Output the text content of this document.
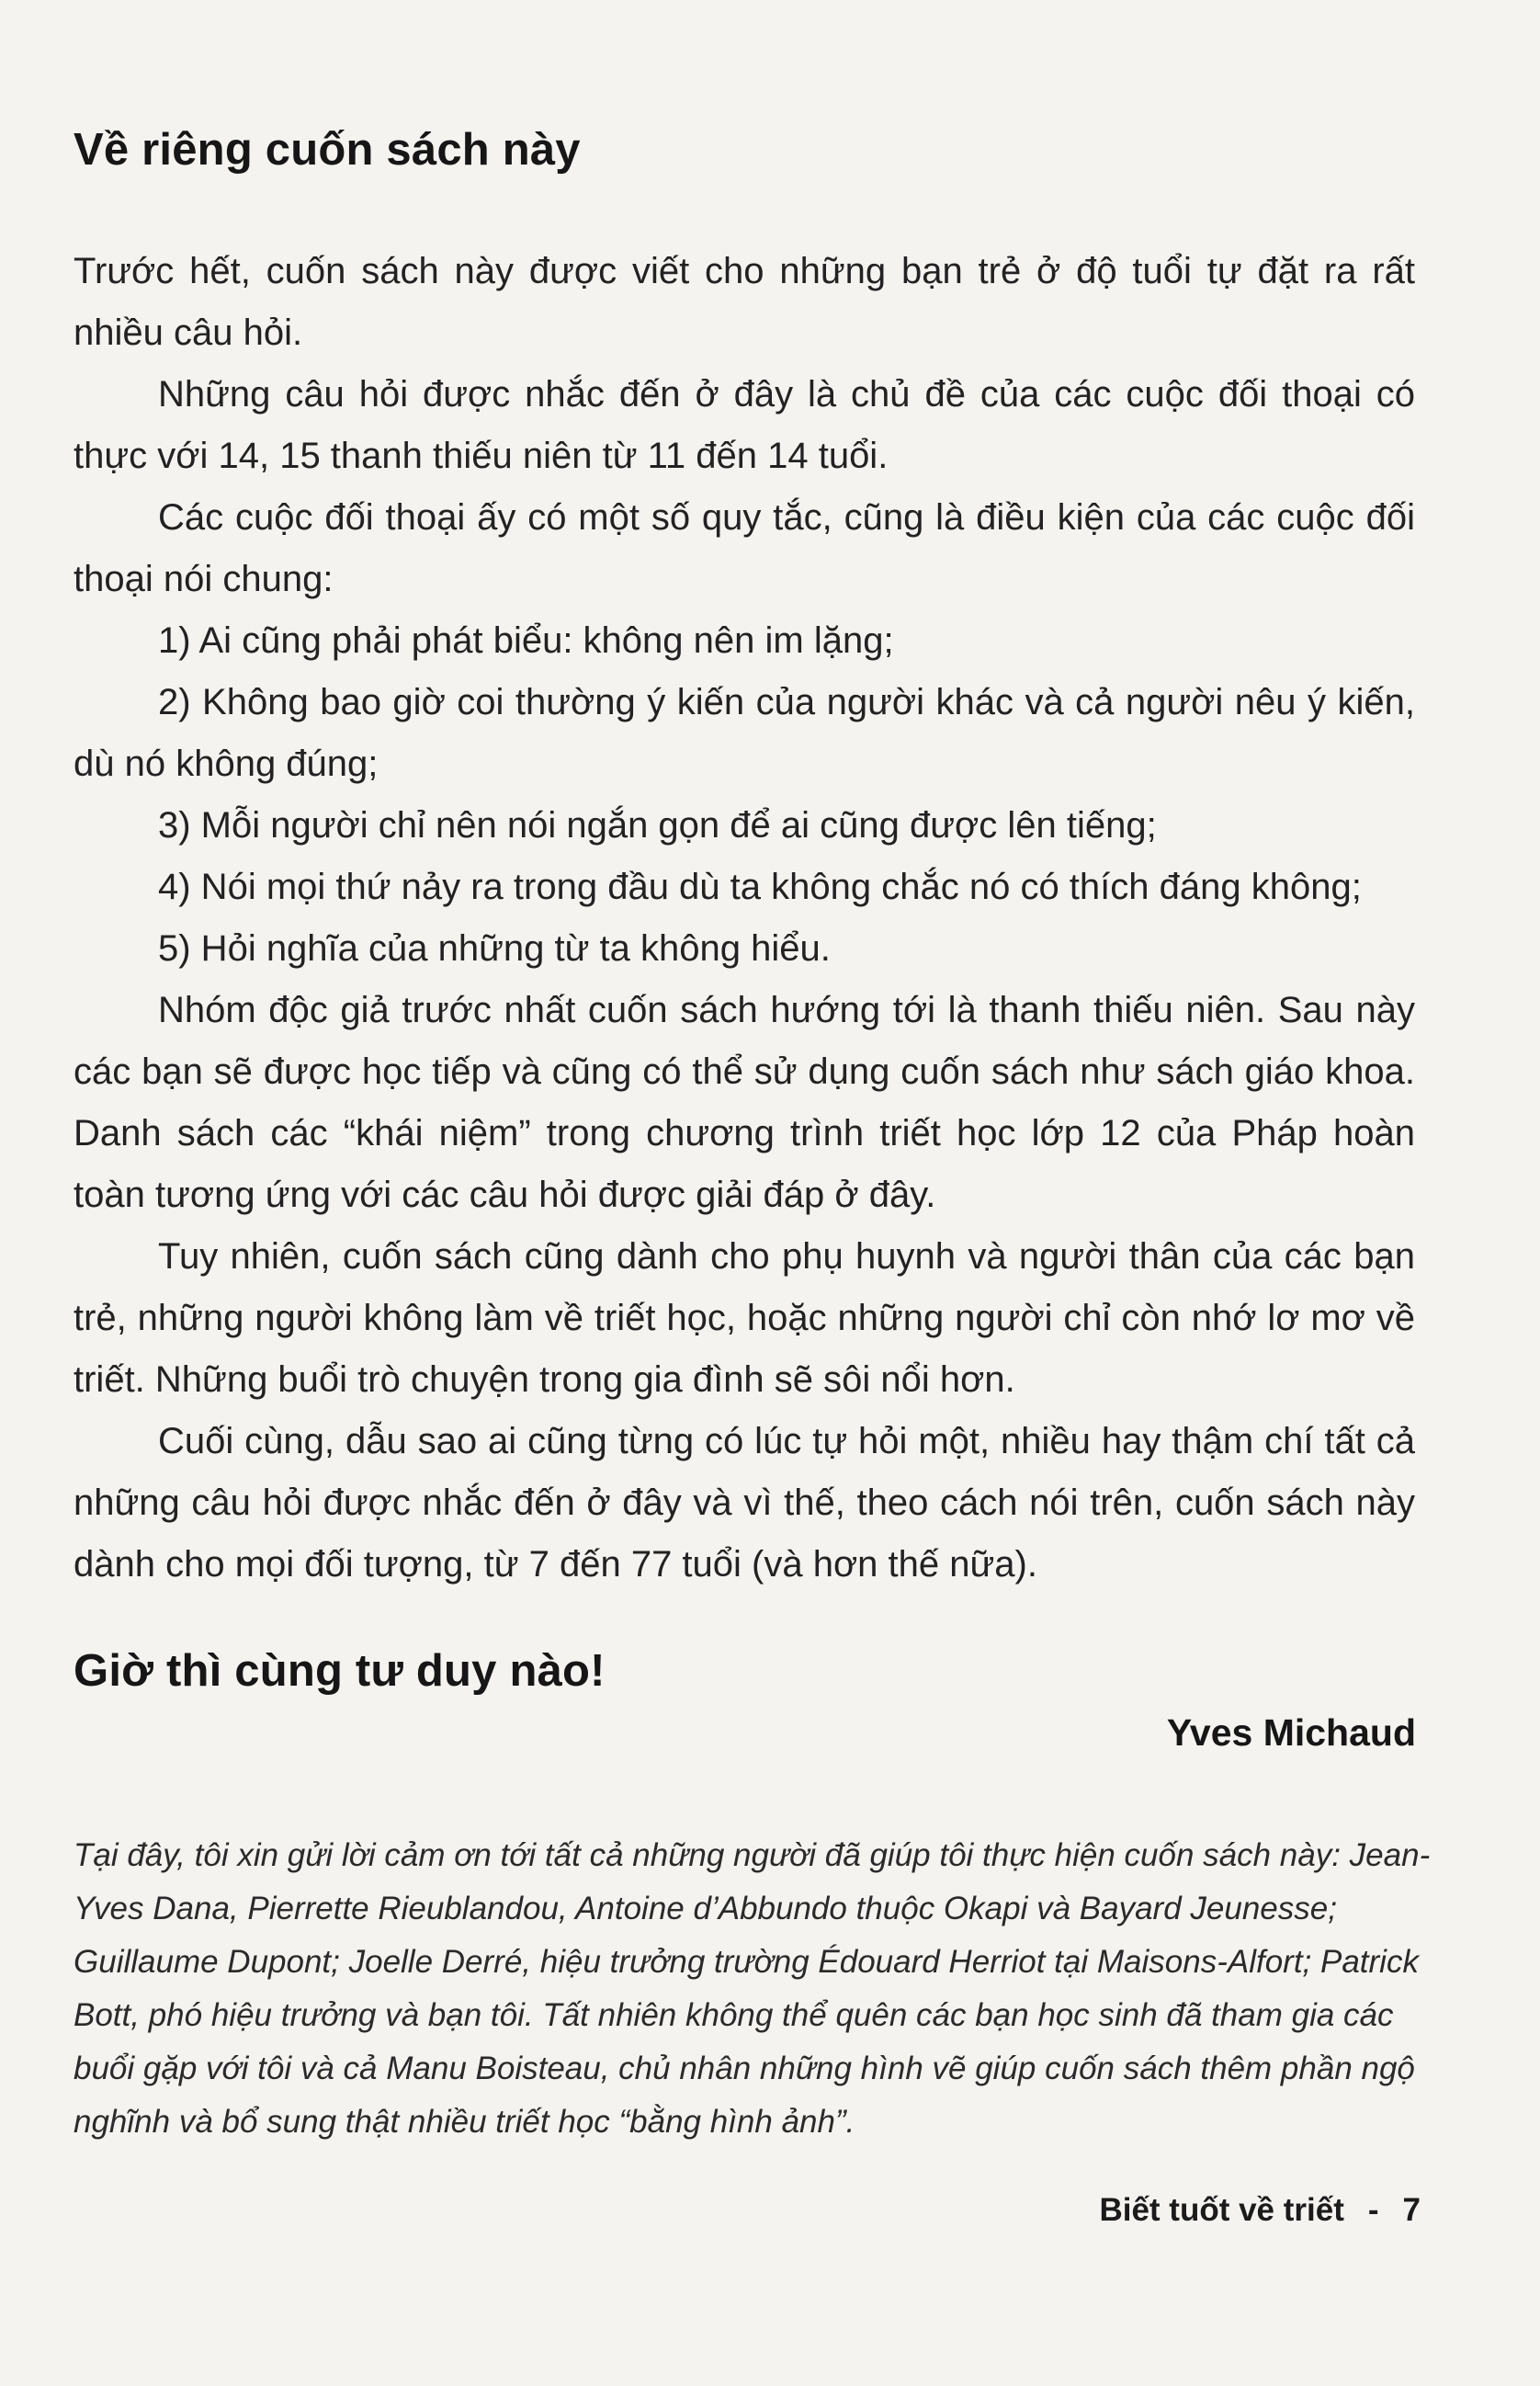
Về riêng cuốn sách này

Trước hết, cuốn sách này được viết cho những bạn trẻ ở độ tuổi tự đặt ra rất nhiều câu hỏi.

Những câu hỏi được nhắc đến ở đây là chủ đề của các cuộc đối thoại có thực với 14, 15 thanh thiếu niên từ 11 đến 14 tuổi.

Các cuộc đối thoại ấy có một số quy tắc, cũng là điều kiện của các cuộc đối thoại nói chung:

1) Ai cũng phải phát biểu: không nên im lặng;

2) Không bao giờ coi thường ý kiến của người khác và cả người nêu ý kiến, dù nó không đúng;

3) Mỗi người chỉ nên nói ngắn gọn để ai cũng được lên tiếng;

4) Nói mọi thứ nảy ra trong đầu dù ta không chắc nó có thích đáng không;

5) Hỏi nghĩa của những từ ta không hiểu.

Nhóm độc giả trước nhất cuốn sách hướng tới là thanh thiếu niên. Sau này các bạn sẽ được học tiếp và cũng có thể sử dụng cuốn sách như sách giáo khoa. Danh sách các “khái niệm” trong chương trình triết học lớp 12 của Pháp hoàn toàn tương ứng với các câu hỏi được giải đáp ở đây.

Tuy nhiên, cuốn sách cũng dành cho phụ huynh và người thân của các bạn trẻ, những người không làm về triết học, hoặc những người chỉ còn nhớ lơ mơ về triết. Những buổi trò chuyện trong gia đình sẽ sôi nổi hơn.

Cuối cùng, dẫu sao ai cũng từng có lúc tự hỏi một, nhiều hay thậm chí tất cả những câu hỏi được nhắc đến ở đây và vì thế, theo cách nói trên, cuốn sách này dành cho mọi đối tượng, từ 7 đến 77 tuổi (và hơn thế nữa).

Giờ thì cùng tư duy nào!
Yves Michaud

Tại đây, tôi xin gửi lời cảm ơn tới tất cả những người đã giúp tôi thực hiện cuốn sách này: Jean-Yves Dana, Pierrette Rieublandou, Antoine d’Abbundo thuộc Okapi và Bayard Jeunesse; Guillaume Dupont; Joelle Derré, hiệu trưởng trường Édouard Herriot tại Maisons-Alfort; Patrick Bott, phó hiệu trưởng và bạn tôi. Tất nhiên không thể quên các bạn học sinh đã tham gia các buổi gặp với tôi và cả Manu Boisteau, chủ nhân những hình vẽ giúp cuốn sách thêm phần ngộ nghĩnh và bổ sung thật nhiều triết học “bằng hình ảnh”.

Biết tuốt về triết - 7
